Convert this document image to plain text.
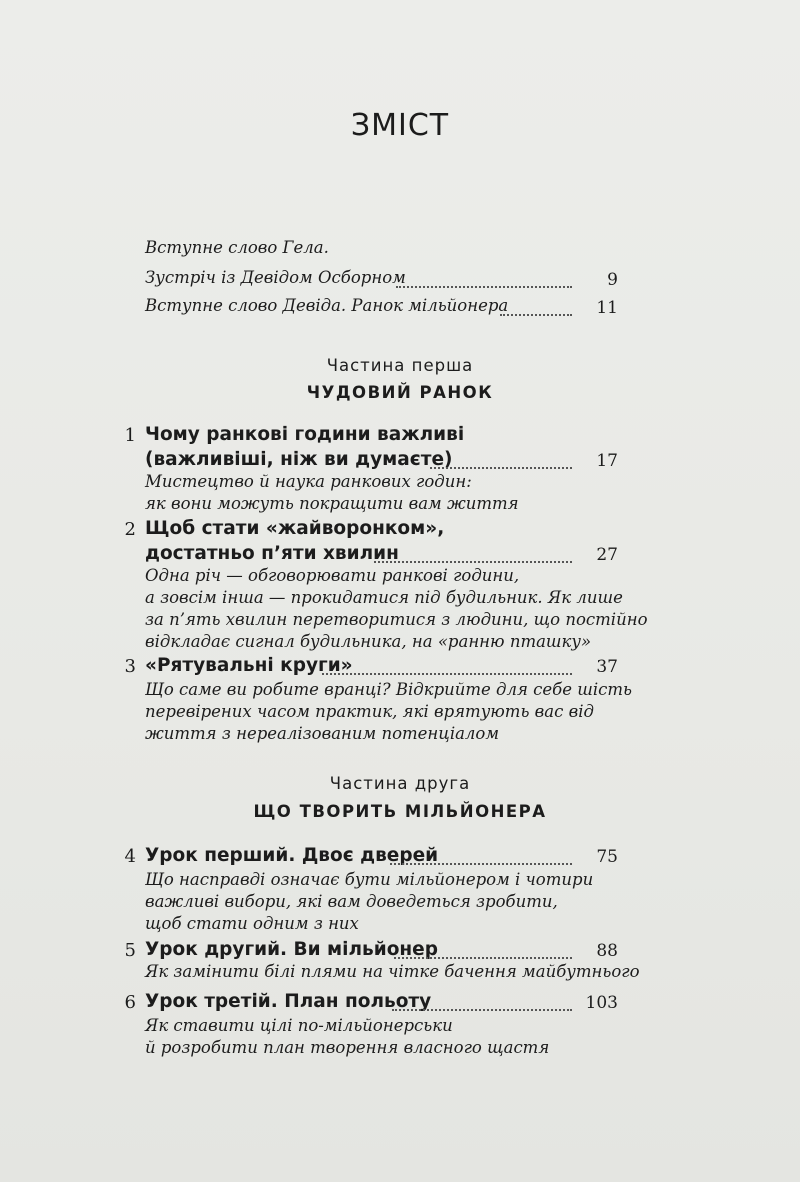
ЗМІСТ
Вступне слово Гела.
Зустріч із Девідом Осборном	9
Вступне слово Девіда. Ранок мільйонера	11
Частина перша
ЧУДОВИЙ РАНОК
1 Чому ранкові години важливі
(важливіші, ніж ви думаєте)	17
Мистецтво й наука ранкових годин:
як вони можуть покращити вам життя
2 Щоб стати «жайворонком»,
достатньо п’яти хвилин	27
Одна річ — обговорювати ранкові години,
а зовсім інша — прокидатися під будильник. Як лише
за п’ять хвилин перетворитися з людини, що постійно
відкладає сигнал будильника, на «ранню пташку»
3 «Рятувальні круги»	37
Що саме ви робите вранці? Відкрийте для себе шість
перевірених часом практик, які врятують вас від
життя з нереалізованим потенціалом
Частина друга
ЩО ТВОРИТЬ МІЛЬЙОНЕРА
4 Урок перший. Двоє дверей	75
Що насправді означає бути мільйонером і чотири
важливі вибори, які вам доведеться зробити,
щоб стати одним з них
5 Урок другий. Ви мільйонер	88
Як замінити білі плями на чітке бачення майбутнього
6 Урок третій. План польоту	103
Як ставити цілі по-мільйонерськи
й розробити план творення власного щастя
